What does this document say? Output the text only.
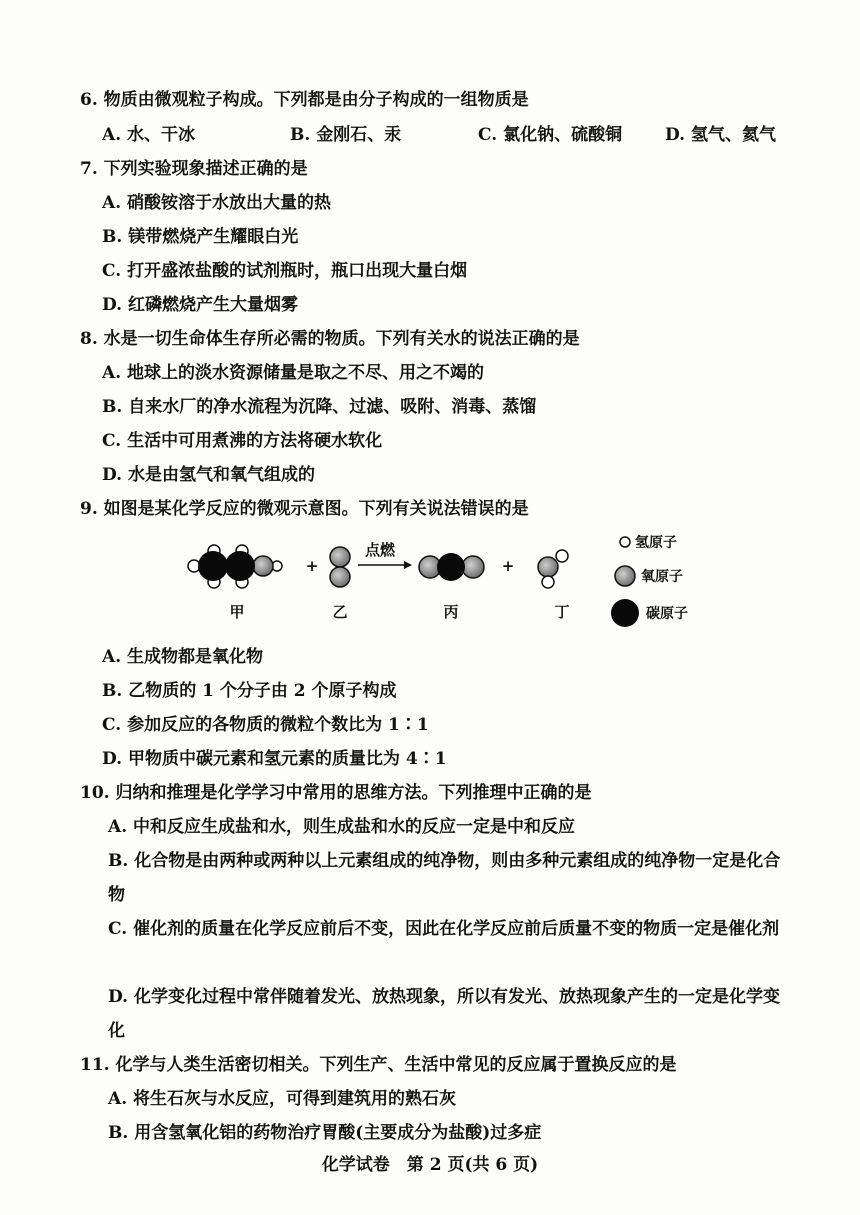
6. 物质由微观粒子构成。下列都是由分子构成的一组物质是
A. 水、干冰	B. 金刚石、汞	C. 氯化钠、硫酸铜	D. 氢气、氦气
7. 下列实验现象描述正确的是
A. 硝酸铵溶于水放出大量的热
B. 镁带燃烧产生耀眼白光
C. 打开盛浓盐酸的试剂瓶时，瓶口出现大量白烟
D. 红磷燃烧产生大量烟雾
8. 水是一切生命体生存所必需的物质。下列有关水的说法正确的是
A. 地球上的淡水资源储量是取之不尽、用之不竭的
B. 自来水厂的净水流程为沉降、过滤、吸附、消毒、蒸馏
C. 生活中可用煮沸的方法将硬水软化
D. 水是由氢气和氧气组成的
9. 如图是某化学反应的微观示意图。下列有关说法错误的是
+
点燃
+
甲	乙	丙	丁
氢原子
氧原子
碳原子
A. 生成物都是氧化物
B. 乙物质的 1 个分子由 2 个原子构成
C. 参加反应的各物质的微粒个数比为 1∶1
D. 甲物质中碳元素和氢元素的质量比为 4∶1
10. 归纳和推理是化学学习中常用的思维方法。下列推理中正确的是
A. 中和反应生成盐和水，则生成盐和水的反应一定是中和反应
B. 化合物是由两种或两种以上元素组成的纯净物，则由多种元素组成的纯净物一定是化合物
C. 催化剂的质量在化学反应前后不变，因此在化学反应前后质量不变的物质一定是催化剂
D. 化学变化过程中常伴随着发光、放热现象，所以有发光、放热现象产生的一定是化学变化
11. 化学与人类生活密切相关。下列生产、生活中常见的反应属于置换反应的是
A. 将生石灰与水反应，可得到建筑用的熟石灰
B. 用含氢氧化铝的药物治疗胃酸(主要成分为盐酸)过多症
化学试卷　第 2 页(共 6 页)
